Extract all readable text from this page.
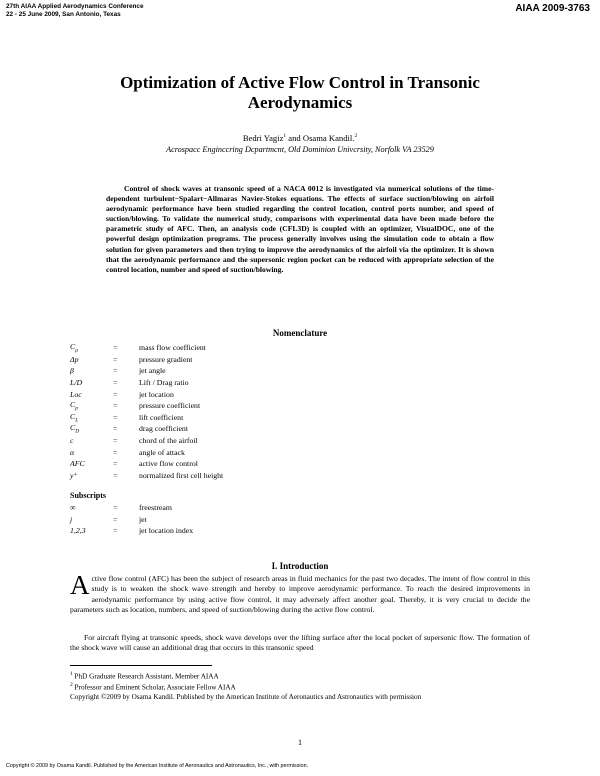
27th AIAA Applied Aerodynamics Conference
22 - 25 June 2009, San Antonio, Texas
AIAA 2009-3763
Optimization of Active Flow Control in Transonic
Aerodynamics
Bedri Yagiz$^1$ and Osama Kandil.$^2$
Acrospacc Enginccring Dcpartmcnt, Old Dominion Univcrsity, Norfolk VA 23529

Control of shock waves at transonic speed of a NACA 0012 is investigated via numerical solutions of the time-dependent turbulent−Spalart−Allmaras Navier-Stokes equations. The effects of surface suction/blowing on airfoil aerodynamic performance have been studied regarding the control location, control ports number, and speed of suction/blowing. To validate the numerical study, comparisons with experimental data have been made before the parametric study of AFC. Then, an analysis code (CFL3D) is coupled with an optimizer, VisualDOC, one of the powerful design optimization programs. The process generally involves using the simulation code to obtain a flow solution for given parameters and then trying to improve the aerodynamics of the airfoil via the optimizer. It is shown that the aerodynamic performance and the supersonic region pocket can be reduced with appropriate selection of the control location, number and speed of suction/blowing.

Nomenclature
$C_\mu$	=	mass flow coefficient
Δp	=	pressure gradient
β	=	jet angle
L/D	=	Lift / Drag ratio
Loc	=	jet location
$C_p$	=	pressure coefficient
$C_L$	=	lift coefficient
$C_D$	=	drag coefficient
c	=	chord of the airfoil
α	=	angle of attack
AFC	=	active flow control
y⁺	=	normalized first cell height
Subscripts
∞	=	freestream
j	=	jet
1,2,3	=	jet location index
I. Introduction

Active flow control (AFC) has been the subject of research areas in fluid mechanics for the past two decades. The intent of flow control in this study is to weaken the shock wave strength and hereby to improve aerodynamic performance. To reach the desired improvements in aerodynamic performance by using active flow control, it may adversely affect another goal. Thereby, it is very crucial to decide the parameters such as location, numbers, and speed of suction/blowing during the active flow control.

For aircraft flying at transonic speeds, shock wave develops over the lifting surface after the local pocket of supersonic flow. The formation of the shock wave will cause an additional drag that occurs in this transonic speed

$^1$ PhD Graduate Research Assistant, Member AIAA
$^2$ Professor and Eminent Scholar, Associate Fellow AIAA
Copyright ©2009 by Osama Kandil. Published by the American Institute of Aeronautics and Astronautics with permission
1
Copyright © 2009 by Osama Kandil. Published by the American Institute of Aeronautics and Astronautics, Inc., with permission.
